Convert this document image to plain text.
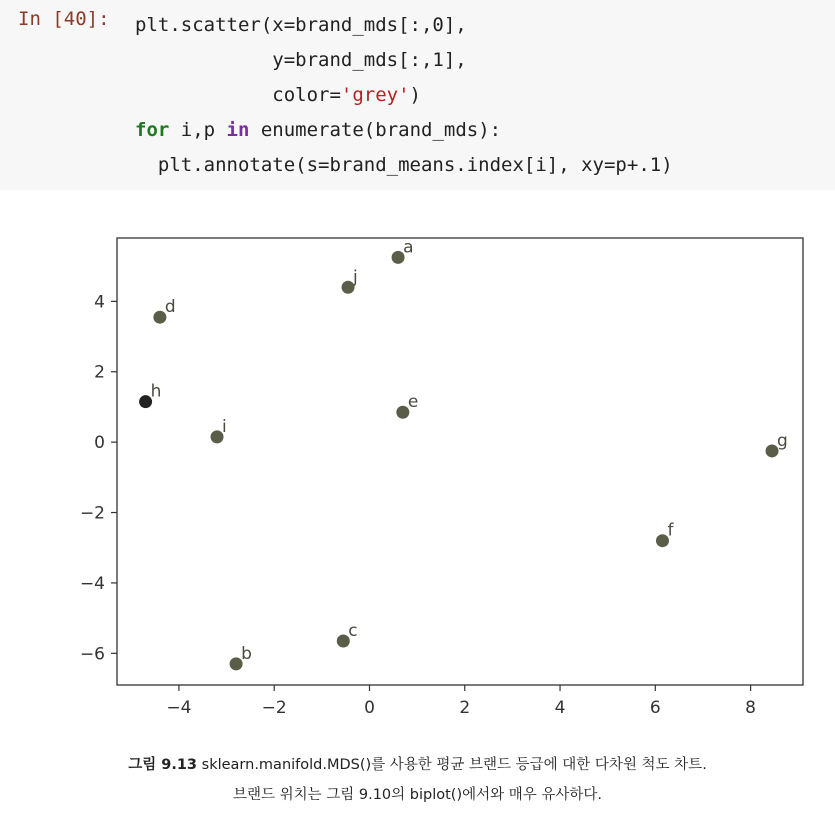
In [40]: plt.scatter(x=brand_mds[:,0],
y=brand_mds[:,1],
color='grey')
for i,p in enumerate(brand_mds):
plt.annotate(s=brand_means.index[i], xy=p+.1)
−4	−2	0	2	4	6	8
−6
−4
−2
0
2
4
a
j
d
h
e
i
g
f
c
b
그림 9.13 sklearn.manifold.MDS()를 사용한 평균 브랜드 등급에 대한 다차원 척도 차트.
브랜드 위치는 그림 9.10의 biplot()에서와 매우 유사하다.
